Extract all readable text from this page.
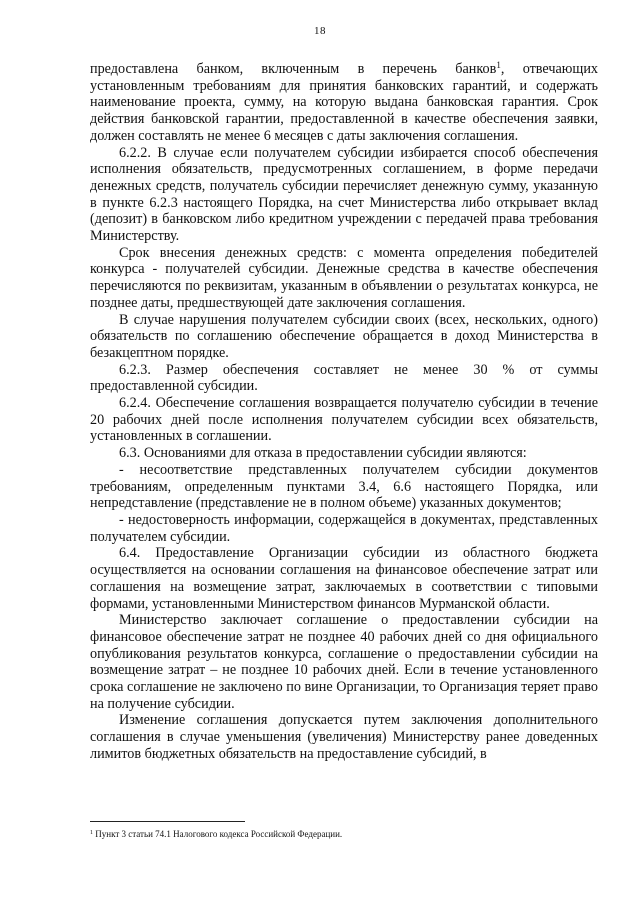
18

предоставлена банком, включенным в перечень банков$^1$, отвечающих установленным требованиям для принятия банковских гарантий, и содержать наименование проекта, сумму, на которую выдана банковская гарантия. Срок действия банковской гарантии, предоставленной в качестве обеспечения заявки, должен составлять не менее 6 месяцев с даты заключения соглашения.

6.2.2. В случае если получателем субсидии избирается способ обеспечения исполнения обязательств, предусмотренных соглашением, в форме передачи денежных средств, получатель субсидии перечисляет денежную сумму, указанную в пункте 6.2.3 настоящего Порядка, на счет Министерства либо открывает вклад (депозит) в банковском либо кредитном учреждении с передачей права требования Министерству.

Срок внесения денежных средств: с момента определения победителей конкурса - получателей субсидии. Денежные средства в качестве обеспечения перечисляются по реквизитам, указанным в объявлении о результатах конкурса, не позднее даты, предшествующей дате заключения соглашения.

В случае нарушения получателем субсидии своих (всех, нескольких, одного) обязательств по соглашению обеспечение обращается в доход Министерства в безакцептном порядке.

6.2.3. Размер обеспечения составляет не менее 30 % от суммы предоставленной субсидии.

6.2.4. Обеспечение соглашения возвращается получателю субсидии в течение 20 рабочих дней после исполнения получателем субсидии всех обязательств, установленных в соглашении.

6.3. Основаниями для отказа в предоставлении субсидии являются:

- несоответствие представленных получателем субсидии документов требованиям, определенным пунктами 3.4, 6.6 настоящего Порядка, или непредставление (представление не в полном объеме) указанных документов;

- недостоверность информации, содержащейся в документах, представленных получателем субсидии.

6.4. Предоставление Организации субсидии из областного бюджета осуществляется на основании соглашения на финансовое обеспечение затрат или соглашения на возмещение затрат, заключаемых в соответствии с типовыми формами, установленными Министерством финансов Мурманской области.

Министерство заключает соглашение о предоставлении субсидии на финансовое обеспечение затрат не позднее 40 рабочих дней со дня официального опубликования результатов конкурса, соглашение о предоставлении субсидии на возмещение затрат – не позднее 10 рабочих дней. Если в течение установленного срока соглашение не заключено по вине Организации, то Организация теряет право на получение субсидии.

Изменение соглашения допускается путем заключения дополнительного соглашения в случае уменьшения (увеличения) Министерству ранее доведенных лимитов бюджетных обязательств на предоставление субсидий, в

$^1$ Пункт 3 статьи 74.1 Налогового кодекса Российской Федерации.
